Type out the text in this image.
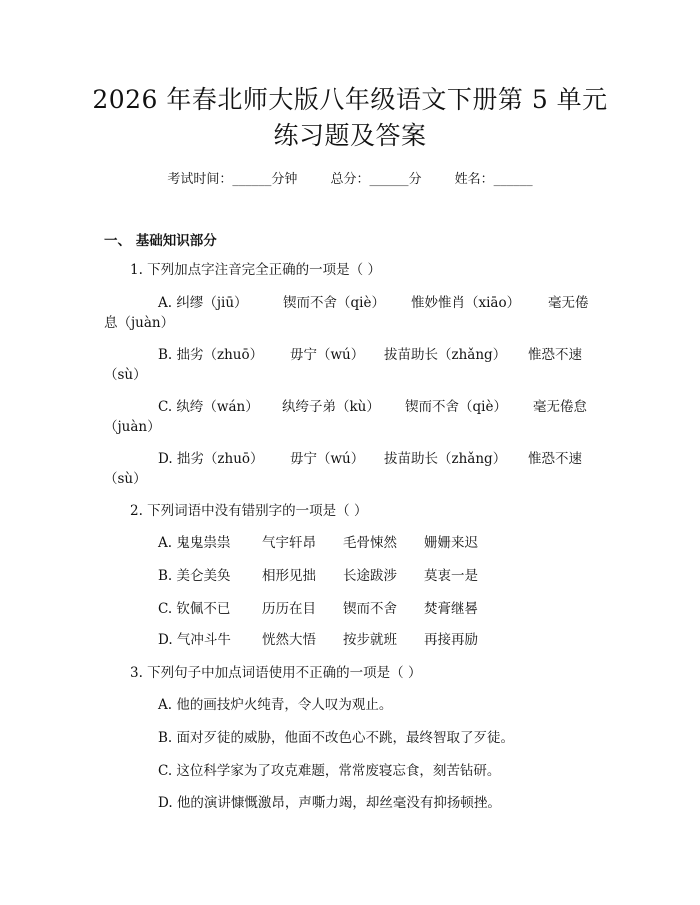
2026 年春北师大版八年级语文下册第 5 单元
练习题及答案
考试时间：______分钟	总分：______分	姓名：______
一、 基础知识部分
1. 下列加点字注音完全正确的一项是（ ）
A. 纠缪（jiū）	锲而不舍（qiè） 惟妙惟肖（xiāo） 毫无倦
息（juàn）
B. 拙劣（zhuō） 毋宁（wú） 拔苗助长（zhǎng） 惟恐不速
（sù）
C. 纨绔（wán） 纨绔子弟（kù） 锲而不舍（qiè） 毫无倦怠
（juàn）
D. 拙劣（zhuō） 毋宁（wú） 拔苗助长（zhǎng） 惟恐不速
（sù）
2. 下列词语中没有错别字的一项是（ ）
A. 鬼鬼祟祟 气宇轩昂 毛骨悚然 姗姗来迟
B. 美仑美奂 相形见拙 长途跋涉 莫衷一是
C. 钦佩不已 历历在目 锲而不舍 焚膏继晷
D. 气冲斗牛 恍然大悟 按步就班 再接再励
3. 下列句子中加点词语使用不正确的一项是（ ）
A. 他的画技炉火纯青，令人叹为观止。
B. 面对歹徒的威胁，他面不改色心不跳，最终智取了歹徒。
C. 这位科学家为了攻克难题，常常废寝忘食，刻苦钻研。
D. 他的演讲慷慨激昂，声嘶力竭，却丝毫没有抑扬顿挫。
